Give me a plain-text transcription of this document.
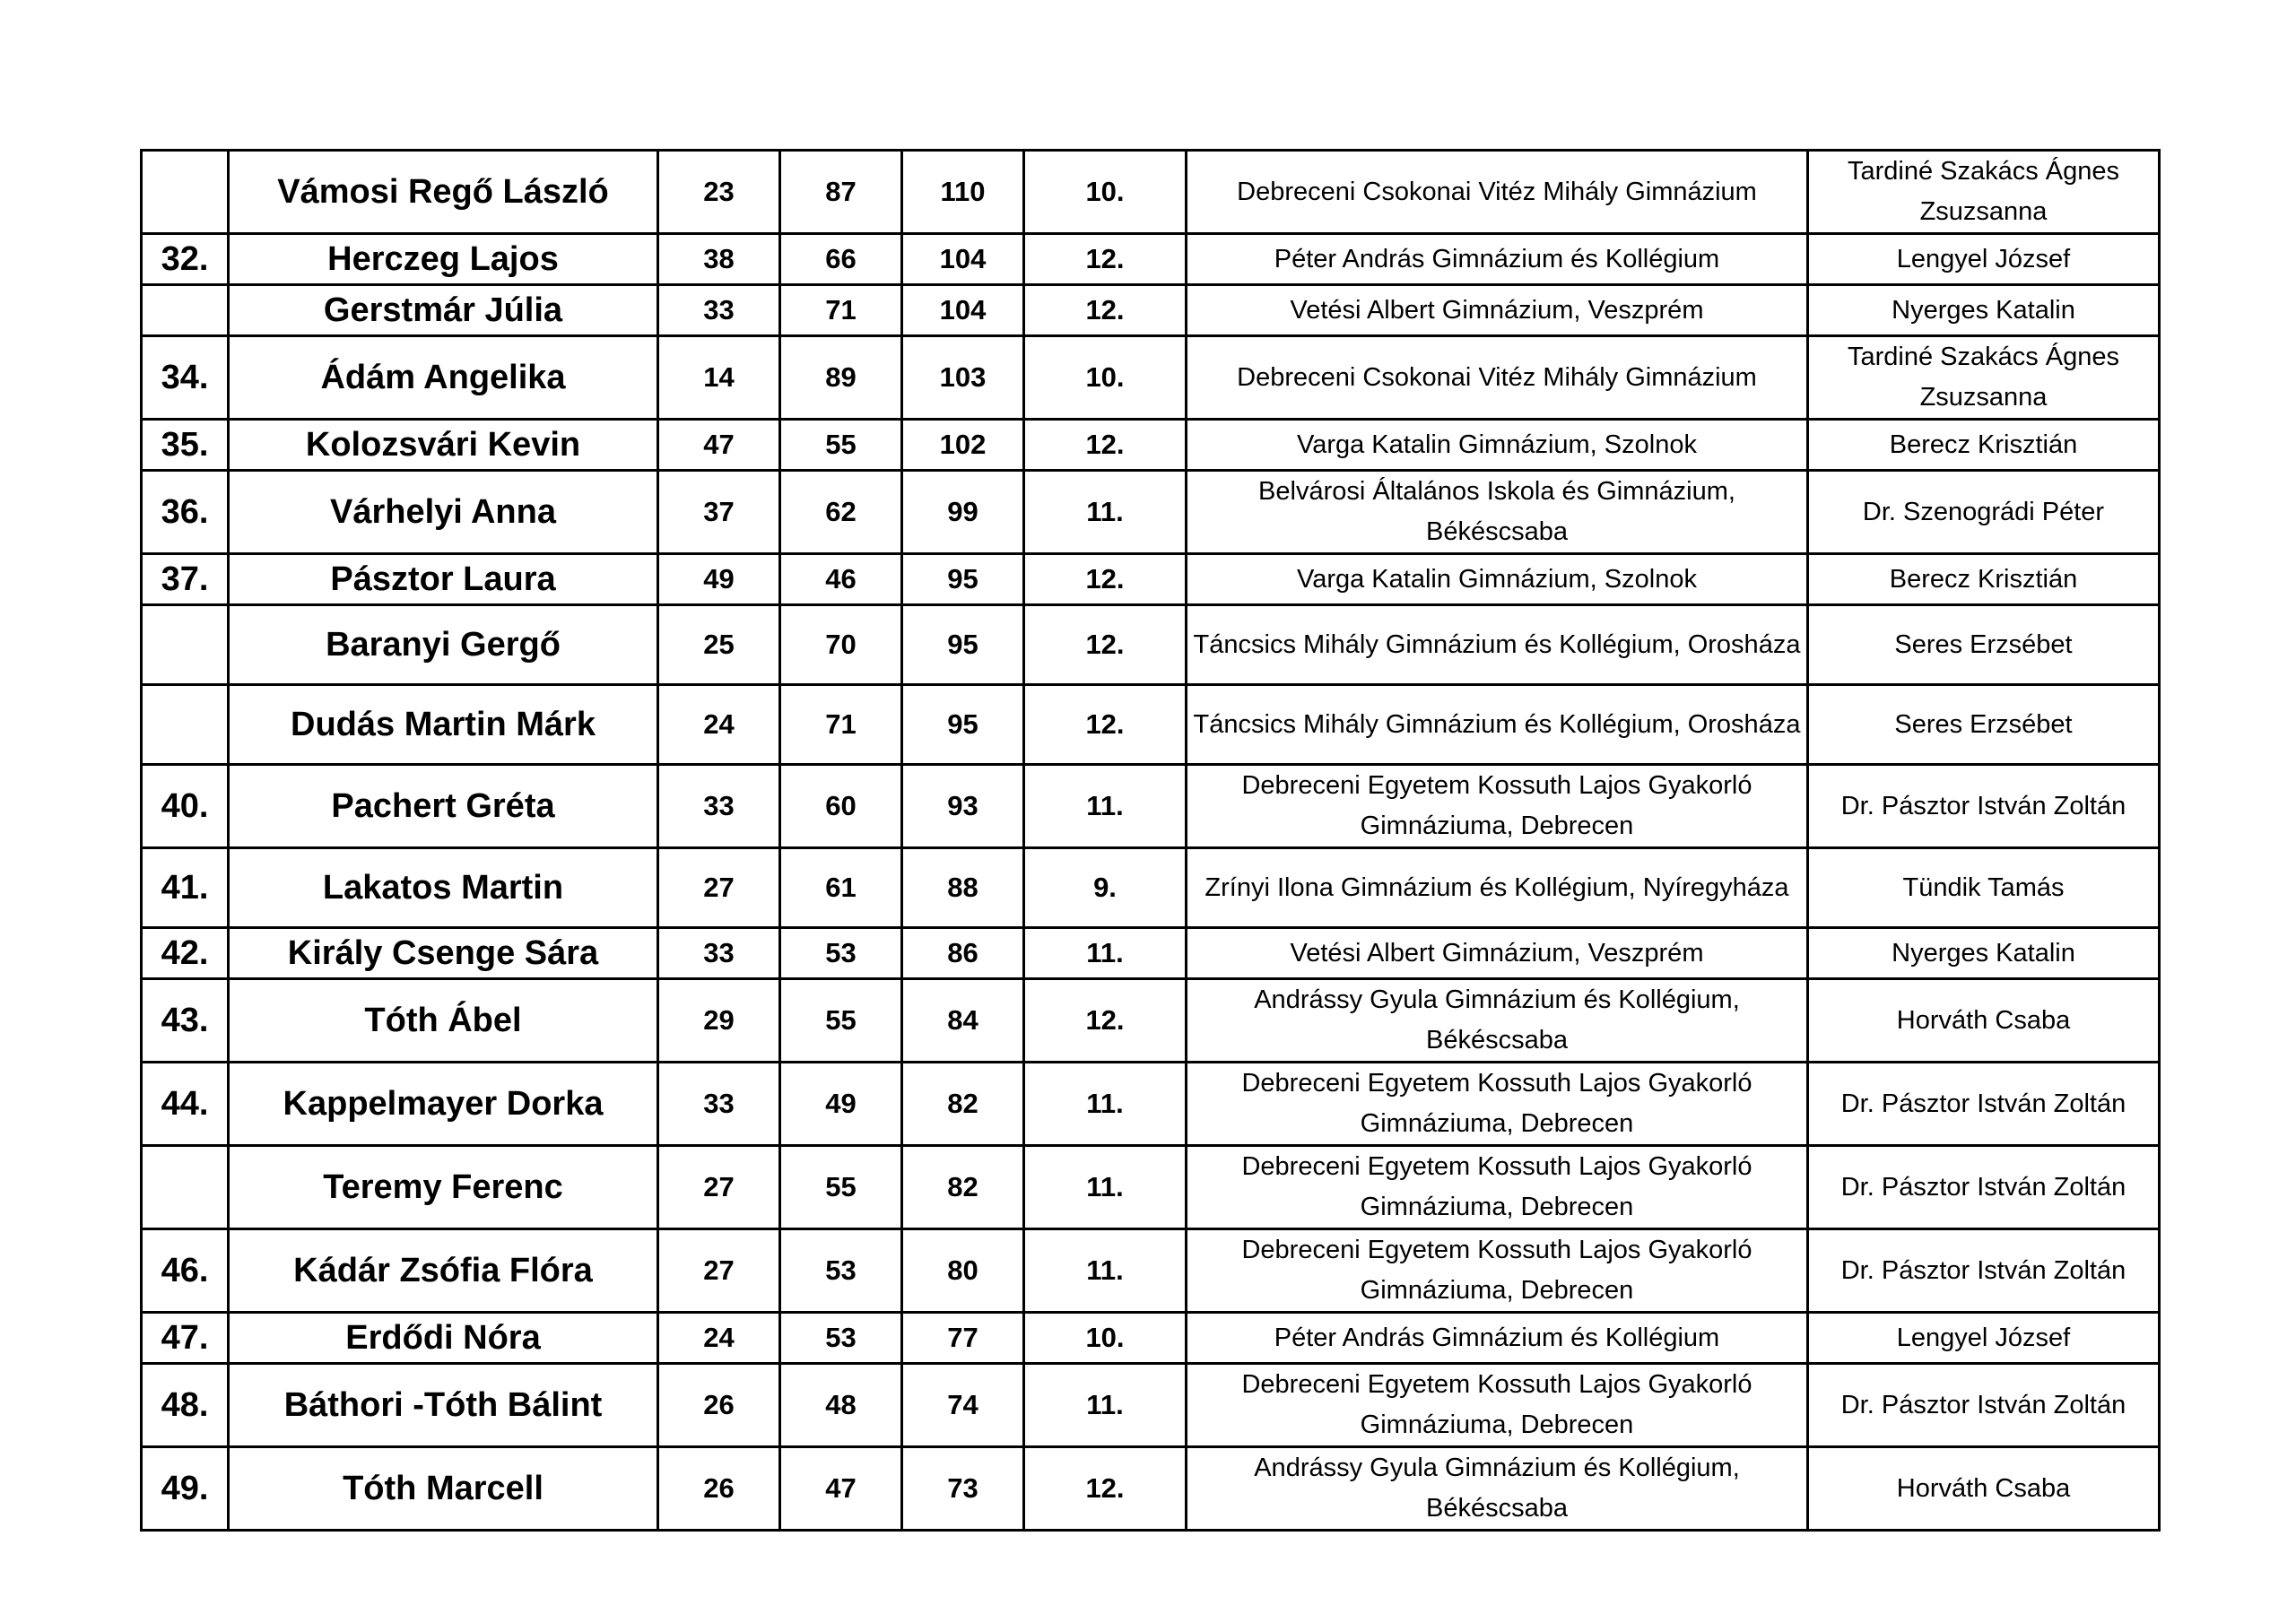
	Vámosi Regő László	23	87	110	10.	Debreceni Csokonai Vitéz Mihály Gimnázium	Tardiné Szakács Ágnes Zsuzsanna
32.	Herczeg Lajos	38	66	104	12.	Péter András Gimnázium és Kollégium	Lengyel József
	Gerstmár Júlia	33	71	104	12.	Vetési Albert Gimnázium, Veszprém	Nyerges Katalin
34.	Ádám Angelika	14	89	103	10.	Debreceni Csokonai Vitéz Mihály Gimnázium	Tardiné Szakács Ágnes Zsuzsanna
35.	Kolozsvári Kevin	47	55	102	12.	Varga Katalin Gimnázium, Szolnok	Berecz Krisztián
36.	Várhelyi Anna	37	62	99	11.	Belvárosi Általános Iskola és Gimnázium, Békéscsaba	Dr. Szenográdi Péter
37.	Pásztor Laura	49	46	95	12.	Varga Katalin Gimnázium, Szolnok	Berecz Krisztián
	Baranyi Gergő	25	70	95	12.	Táncsics Mihály Gimnázium és Kollégium, Orosháza	Seres Erzsébet
	Dudás Martin Márk	24	71	95	12.	Táncsics Mihály Gimnázium és Kollégium, Orosháza	Seres Erzsébet
40.	Pachert Gréta	33	60	93	11.	Debreceni Egyetem Kossuth Lajos Gyakorló Gimnáziuma, Debrecen	Dr. Pásztor István Zoltán
41.	Lakatos Martin	27	61	88	9.	Zrínyi Ilona Gimnázium és Kollégium, Nyíregyháza	Tündik Tamás
42.	Király Csenge Sára	33	53	86	11.	Vetési Albert Gimnázium, Veszprém	Nyerges Katalin
43.	Tóth Ábel	29	55	84	12.	Andrássy Gyula Gimnázium és Kollégium, Békéscsaba	Horváth Csaba
44.	Kappelmayer Dorka	33	49	82	11.	Debreceni Egyetem Kossuth Lajos Gyakorló Gimnáziuma, Debrecen	Dr. Pásztor István Zoltán
	Teremy Ferenc	27	55	82	11.	Debreceni Egyetem Kossuth Lajos Gyakorló Gimnáziuma, Debrecen	Dr. Pásztor István Zoltán
46.	Kádár Zsófia Flóra	27	53	80	11.	Debreceni Egyetem Kossuth Lajos Gyakorló Gimnáziuma, Debrecen	Dr. Pásztor István Zoltán
47.	Erdődi Nóra	24	53	77	10.	Péter András Gimnázium és Kollégium	Lengyel József
48.	Báthori -Tóth Bálint	26	48	74	11.	Debreceni Egyetem Kossuth Lajos Gyakorló Gimnáziuma, Debrecen	Dr. Pásztor István Zoltán
49.	Tóth Marcell	26	47	73	12.	Andrássy Gyula Gimnázium és Kollégium, Békéscsaba	Horváth Csaba
